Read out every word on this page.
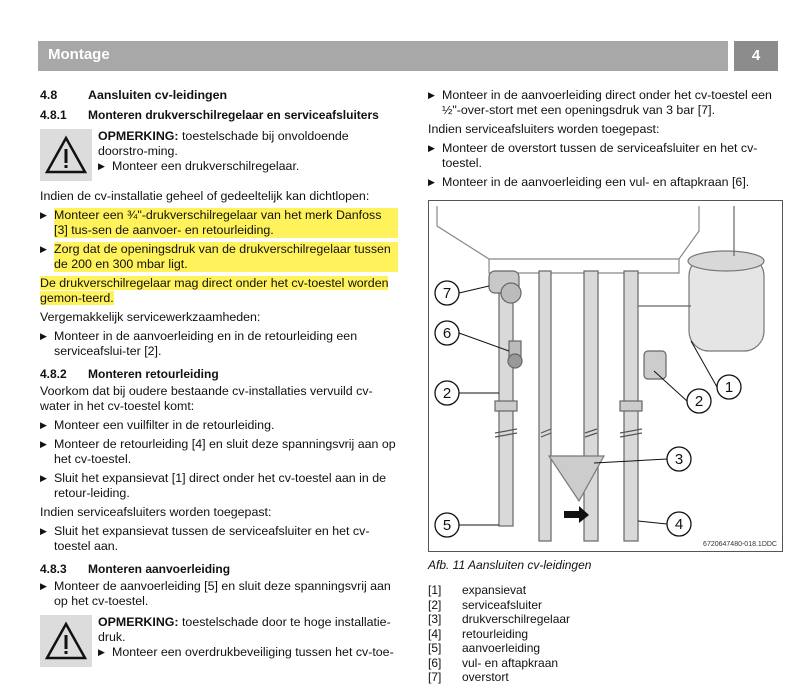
Montage	4
4.8	Aansluiten cv-leidingen
4.8.1	Monteren drukverschilregelaar en serviceafsluiters
OPMERKING: toestelschade bij onvoldoende doorstro-ming.
▶ Monteer een drukverschilregelaar.

Indien de cv-installatie geheel of gedeeltelijk kan dichtlopen:

▶ Monteer een ¾"-drukverschilregelaar van het merk Danfoss [3] tus-sen de aanvoer- en retourleiding.
▶ Zorg dat de openingsdruk van de drukverschilregelaar tussen de 200 en 300 mbar ligt.

De drukverschilregelaar mag direct onder het cv-toestel worden gemon-teerd.

Vergemakkelijk servicewerkzaamheden:

▶ Monteer in de aanvoerleiding en in de retourleiding een serviceafslui-ter [2].
4.8.2	Monteren retourleiding

Voorkom dat bij oudere bestaande cv-installaties vervuild cv-water in het cv-toestel komt:

▶ Monteer een vuilfilter in de retourleiding.
▶ Monteer de retourleiding [4] en sluit deze spanningsvrij aan op het cv-toestel.
▶ Sluit het expansievat [1] direct onder het cv-toestel aan in de retour-leiding.

Indien serviceafsluiters worden toegepast:

▶ Sluit het expansievat tussen de serviceafsluiter en het cv-toestel aan.
4.8.3	Monteren aanvoerleiding
▶ Monteer de aanvoerleiding [5] en sluit deze spanningsvrij aan op het cv-toestel.
OPMERKING: toestelschade door te hoge installatie-druk.
▶ Monteer een overdrukbeveiliging tussen het cv-toe-
▶ Monteer in de aanvoerleiding direct onder het cv-toestel een ½"-over-stort met een openingsdruk van 3 bar [7].

Indien serviceafsluiters worden toegepast:

▶ Monteer de overstort tussen de serviceafsluiter en het cv-toestel.
▶ Monteer in de aanvoerleiding een vul- en aftapkraan [6].
1
2	2
3
4
5
6
7
6720647480-018.1DDC
Afb. 11 Aansluiten cv-leidingen
[1]	expansievat
[2]	serviceafsluiter
[3]	drukverschilregelaar
[4]	retourleiding
[5]	aanvoerleiding
[6]	vul- en aftapkraan
[7]	overstort
